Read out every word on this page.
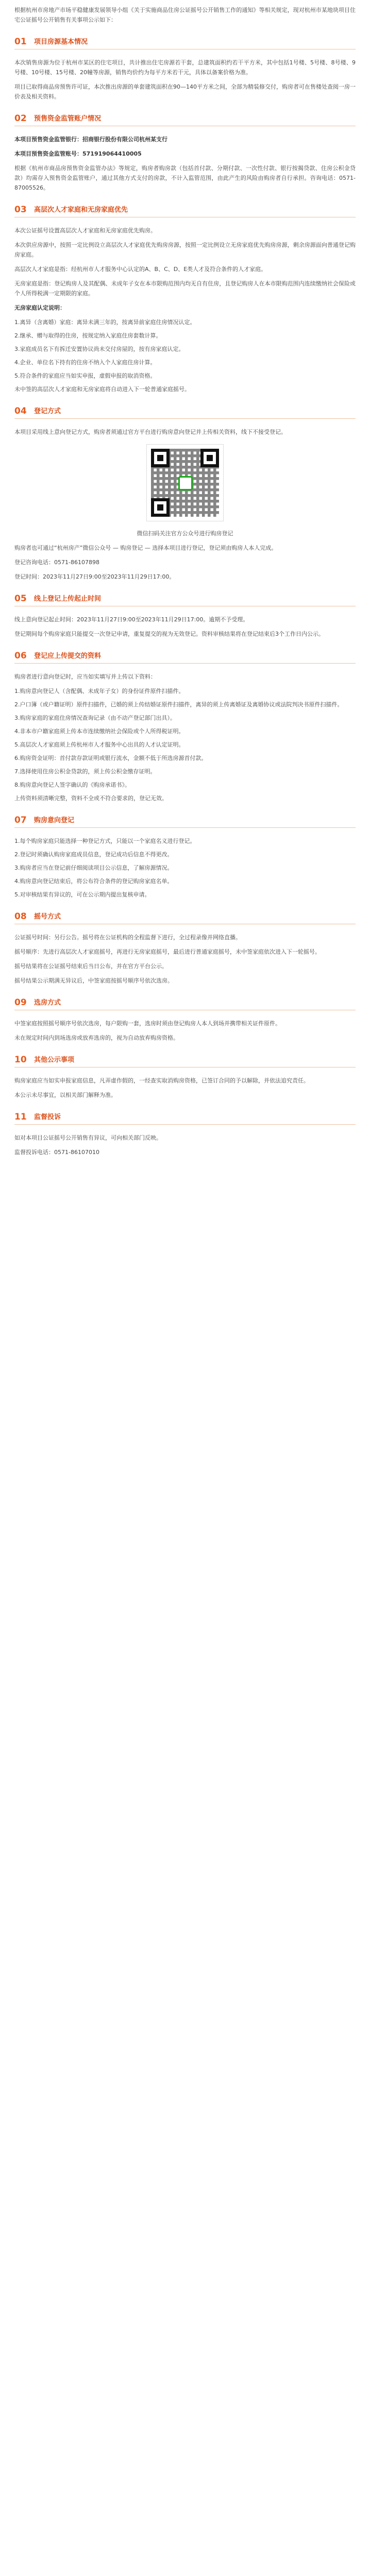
根据杭州市房地产市场平稳健康发展领导小组《关于实施商品住房公证摇号公开销售工作的通知》等相关规定，现对杭州市某地块项目住宅公证摇号公开销售有关事项公示如下：

01 项目房源基本情况

本次销售房源为位于杭州市某区的住宅项目，共计推出住宅房源若干套，总建筑面积约若干平方米，其中包括1号楼、5号楼、8号楼、9号楼、10号楼、15号楼、20幢等房源，销售均价约为每平方米若干元，具体以备案价格为准。

项目已取得商品房预售许可证，本次推出房源的单套建筑面积在90—140平方米之间，全部为精装修交付，购房者可在售楼处查阅一房一价表及相关资料。

02 预售资金监管账户情况

本项目预售资金监管银行：招商银行股份有限公司杭州某支行

本项目预售资金监管账号：571919064410005

根据《杭州市商品房预售资金监管办法》等规定，购房者购房款（包括首付款、分期付款、一次性付款、银行按揭贷款、住房公积金贷款）均需存入预售资金监管账户，通过其他方式支付的房款，不计入监管范围，由此产生的风险由购房者自行承担。咨询电话：0571-87005526。

03 高层次人才家庭和无房家庭优先

本次公证摇号设置高层次人才家庭和无房家庭优先购房。

本次供应房源中，按照一定比例设立高层次人才家庭优先购房房源，按照一定比例设立无房家庭优先购房房源，剩余房源面向普通登记购房家庭。

高层次人才家庭是指：经杭州市人才服务中心认定的A、B、C、D、E类人才及符合条件的人才家庭。

无房家庭是指：登记购房人及其配偶、未成年子女在本市限购范围内均无自有住房，且登记购房人在本市限购范围内连续缴纳社会保险或个人所得税满一定期限的家庭。

无房家庭认定说明：

1.离异（含离婚）家庭：离异未满三年的，按离异前家庭住房情况认定。

2.继承、赠与取得的住房，按规定纳入家庭住房套数计算。

3.家庭成员名下有拆迁安置协议尚未交付房屋的，按有房家庭认定。

4.企业、单位名下持有的住房不纳入个人家庭住房计算。

5.符合条件的家庭应当如实申报，虚假申报的取消资格。

未中签的高层次人才家庭和无房家庭将自动进入下一轮普通家庭摇号。

04 登记方式

本项目采用线上意向登记方式，购房者须通过官方平台进行购房意向登记并上传相关资料，线下不接受登记。

微信扫码关注官方公众号进行购房登记

购房者也可通过“杭州房产”微信公众号 — 购房登记 — 选择本项目进行登记，登记须由购房人本人完成。

登记咨询电话：0571-86107898

登记时间：2023年11月27日9:00至2023年11月29日17:00。

05 线上登记上传起止时间

线上意向登记起止时间：2023年11月27日9:00至2023年11月29日17:00。逾期不予受理。

登记期间每个购房家庭只能提交一次登记申请，重复提交的视为无效登记。资料审核结果将在登记结束后3个工作日内公示。

06 登记应上传提交的资料

购房者进行意向登记时，应当如实填写并上传以下资料：

1.购房意向登记人（含配偶、未成年子女）的身份证件原件扫描件。

2.户口簿（或户籍证明）原件扫描件，已婚的须上传结婚证原件扫描件，离异的须上传离婚证及离婚协议或法院判决书原件扫描件。

3.购房家庭的家庭住房情况查询记录（由不动产登记部门出具）。

4.非本市户籍家庭须上传本市连续缴纳社会保险或个人所得税证明。

5.高层次人才家庭须上传杭州市人才服务中心出具的人才认定证明。

6.购房资金证明：首付款存款证明或银行流水，金额不低于所选房源首付款。

7.选择使用住房公积金贷款的，须上传公积金缴存证明。

8.购房意向登记人签字确认的《购房承诺书》。

上传资料须清晰完整，资料不全或不符合要求的，登记无效。

07 购房意向登记

1.每个购房家庭只能选择一种登记方式，只能以一个家庭名义进行登记。

2.登记时须确认购房家庭成员信息，登记成功后信息不得更改。

3.购房者应当在登记前仔细阅读项目公示信息，了解房源情况。

4.购房意向登记结束后，将公布符合条件的登记购房家庭名单。

5.对审核结果有异议的，可在公示期内提出复核申请。

08 摇号方式

公证摇号时间：另行公告。摇号将在公证机构的全程监督下进行，全过程录像并网络直播。

摇号顺序：先进行高层次人才家庭摇号，再进行无房家庭摇号，最后进行普通家庭摇号，未中签家庭依次进入下一轮摇号。

摇号结果将在公证摇号结束后当日公布，并在官方平台公示。

摇号结果公示期满无异议后，中签家庭按摇号顺序号依次选房。

09 选房方式

中签家庭按照摇号顺序号依次选房，每户限购一套，选房时须由登记购房人本人到场并携带相关证件原件。

未在规定时间内到场选房或放弃选房的，视为自动放弃购房资格。

10 其他公示事项

购房家庭应当如实申报家庭信息，凡弄虚作假的，一经查实取消购房资格，已签订合同的予以解除，并依法追究责任。

本公示未尽事宜，以相关部门解释为准。

11 监督投诉

如对本项目公证摇号公开销售有异议，可向相关部门反映。

监督投诉电话：0571-86107010
